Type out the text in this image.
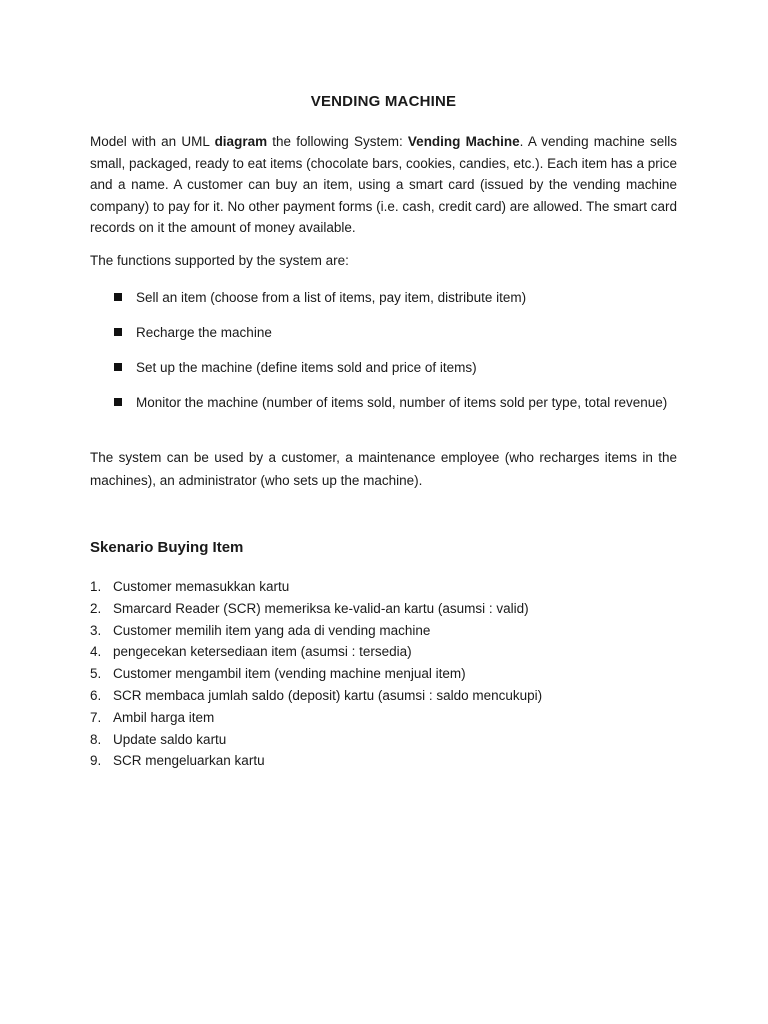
VENDING MACHINE

Model with an UML diagram the following System: Vending Machine. A vending machine sells small, packaged, ready to eat items (chocolate bars, cookies, candies, etc.). Each item has a price and a name. A customer can buy an item, using a smart card (issued by the vending machine company) to pay for it. No other payment forms (i.e. cash, credit card) are allowed. The smart card records on it the amount of money available.

The functions supported by the system are:

Sell an item (choose from a list of items, pay item, distribute item)
Recharge the machine
Set up the machine (define items sold and price of items)
Monitor the machine (number of items sold, number of items sold per type, total revenue)

The system can be used by a customer, a maintenance employee (who recharges items in the machines), an administrator (who sets up the machine).

Skenario Buying Item
1. Customer memasukkan kartu
2. Smarcard Reader (SCR) memeriksa ke-valid-an kartu (asumsi : valid)
3. Customer memilih item yang ada di vending machine
4. pengecekan ketersediaan item (asumsi : tersedia)
5. Customer mengambil item (vending machine menjual item)
6. SCR membaca jumlah saldo (deposit) kartu (asumsi : saldo mencukupi)
7. Ambil harga item
8. Update saldo kartu
9. SCR mengeluarkan kartu
